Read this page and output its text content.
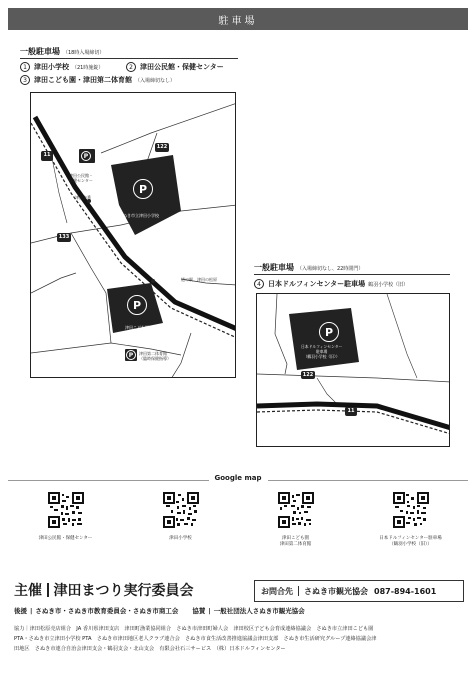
駐車場
一般駐車場 （18時入場締切）
1	津田小学校 （21時施錠）	2	津田公民館・保健センター
3	津田こども園・津田第二体育館 （入場締切なし）
P
P
P
P
11
122
133
津田公民館・
保健センター
津田交番
さぬき市立津田小学校
道の駅　津田の松原
津田こども園
津田第二体育館
（臨時保健指導）
一般駐車場 （入場締切なし、22時閉門）
4	日本ドルフィンセンター駐車場 鶴羽小学校（旧）
P
日本ドルフィンセンター
駐車場
（鶴羽小学校（旧））
122
11
Google map
津田公民館・保健センター	津田小学校	津田こども園
津田第二体育館
日本ドルフィンセンター駐車場
（鶴羽小学校（旧））
主催 津田まつり実行委員会	お問合先 さぬき市観光協会 087-894-1601
後援 | さぬき市・さぬき市教育委員会・さぬき市商工会 協賛 | 一般社団法人さぬき市観光協会
協力｜津田松原売店組合　JA 香川県津田支店　津田町漁業協同組合　さぬき市津田町婦人会　津田校区子ども会育成連絡協議会　さぬき市立津田こども園
PTA・さぬき市立津田小学校 PTA　さぬき市津田地区老人クラブ連合会　さぬき市食生活改善推進協議会津田支部　さぬき市生活研究グループ連絡協議会津
田地区　さぬき市連合自治会津田支会・鶴羽支会・北山支会　有限会社石三サービス　（株）日本ドルフィンセンター
